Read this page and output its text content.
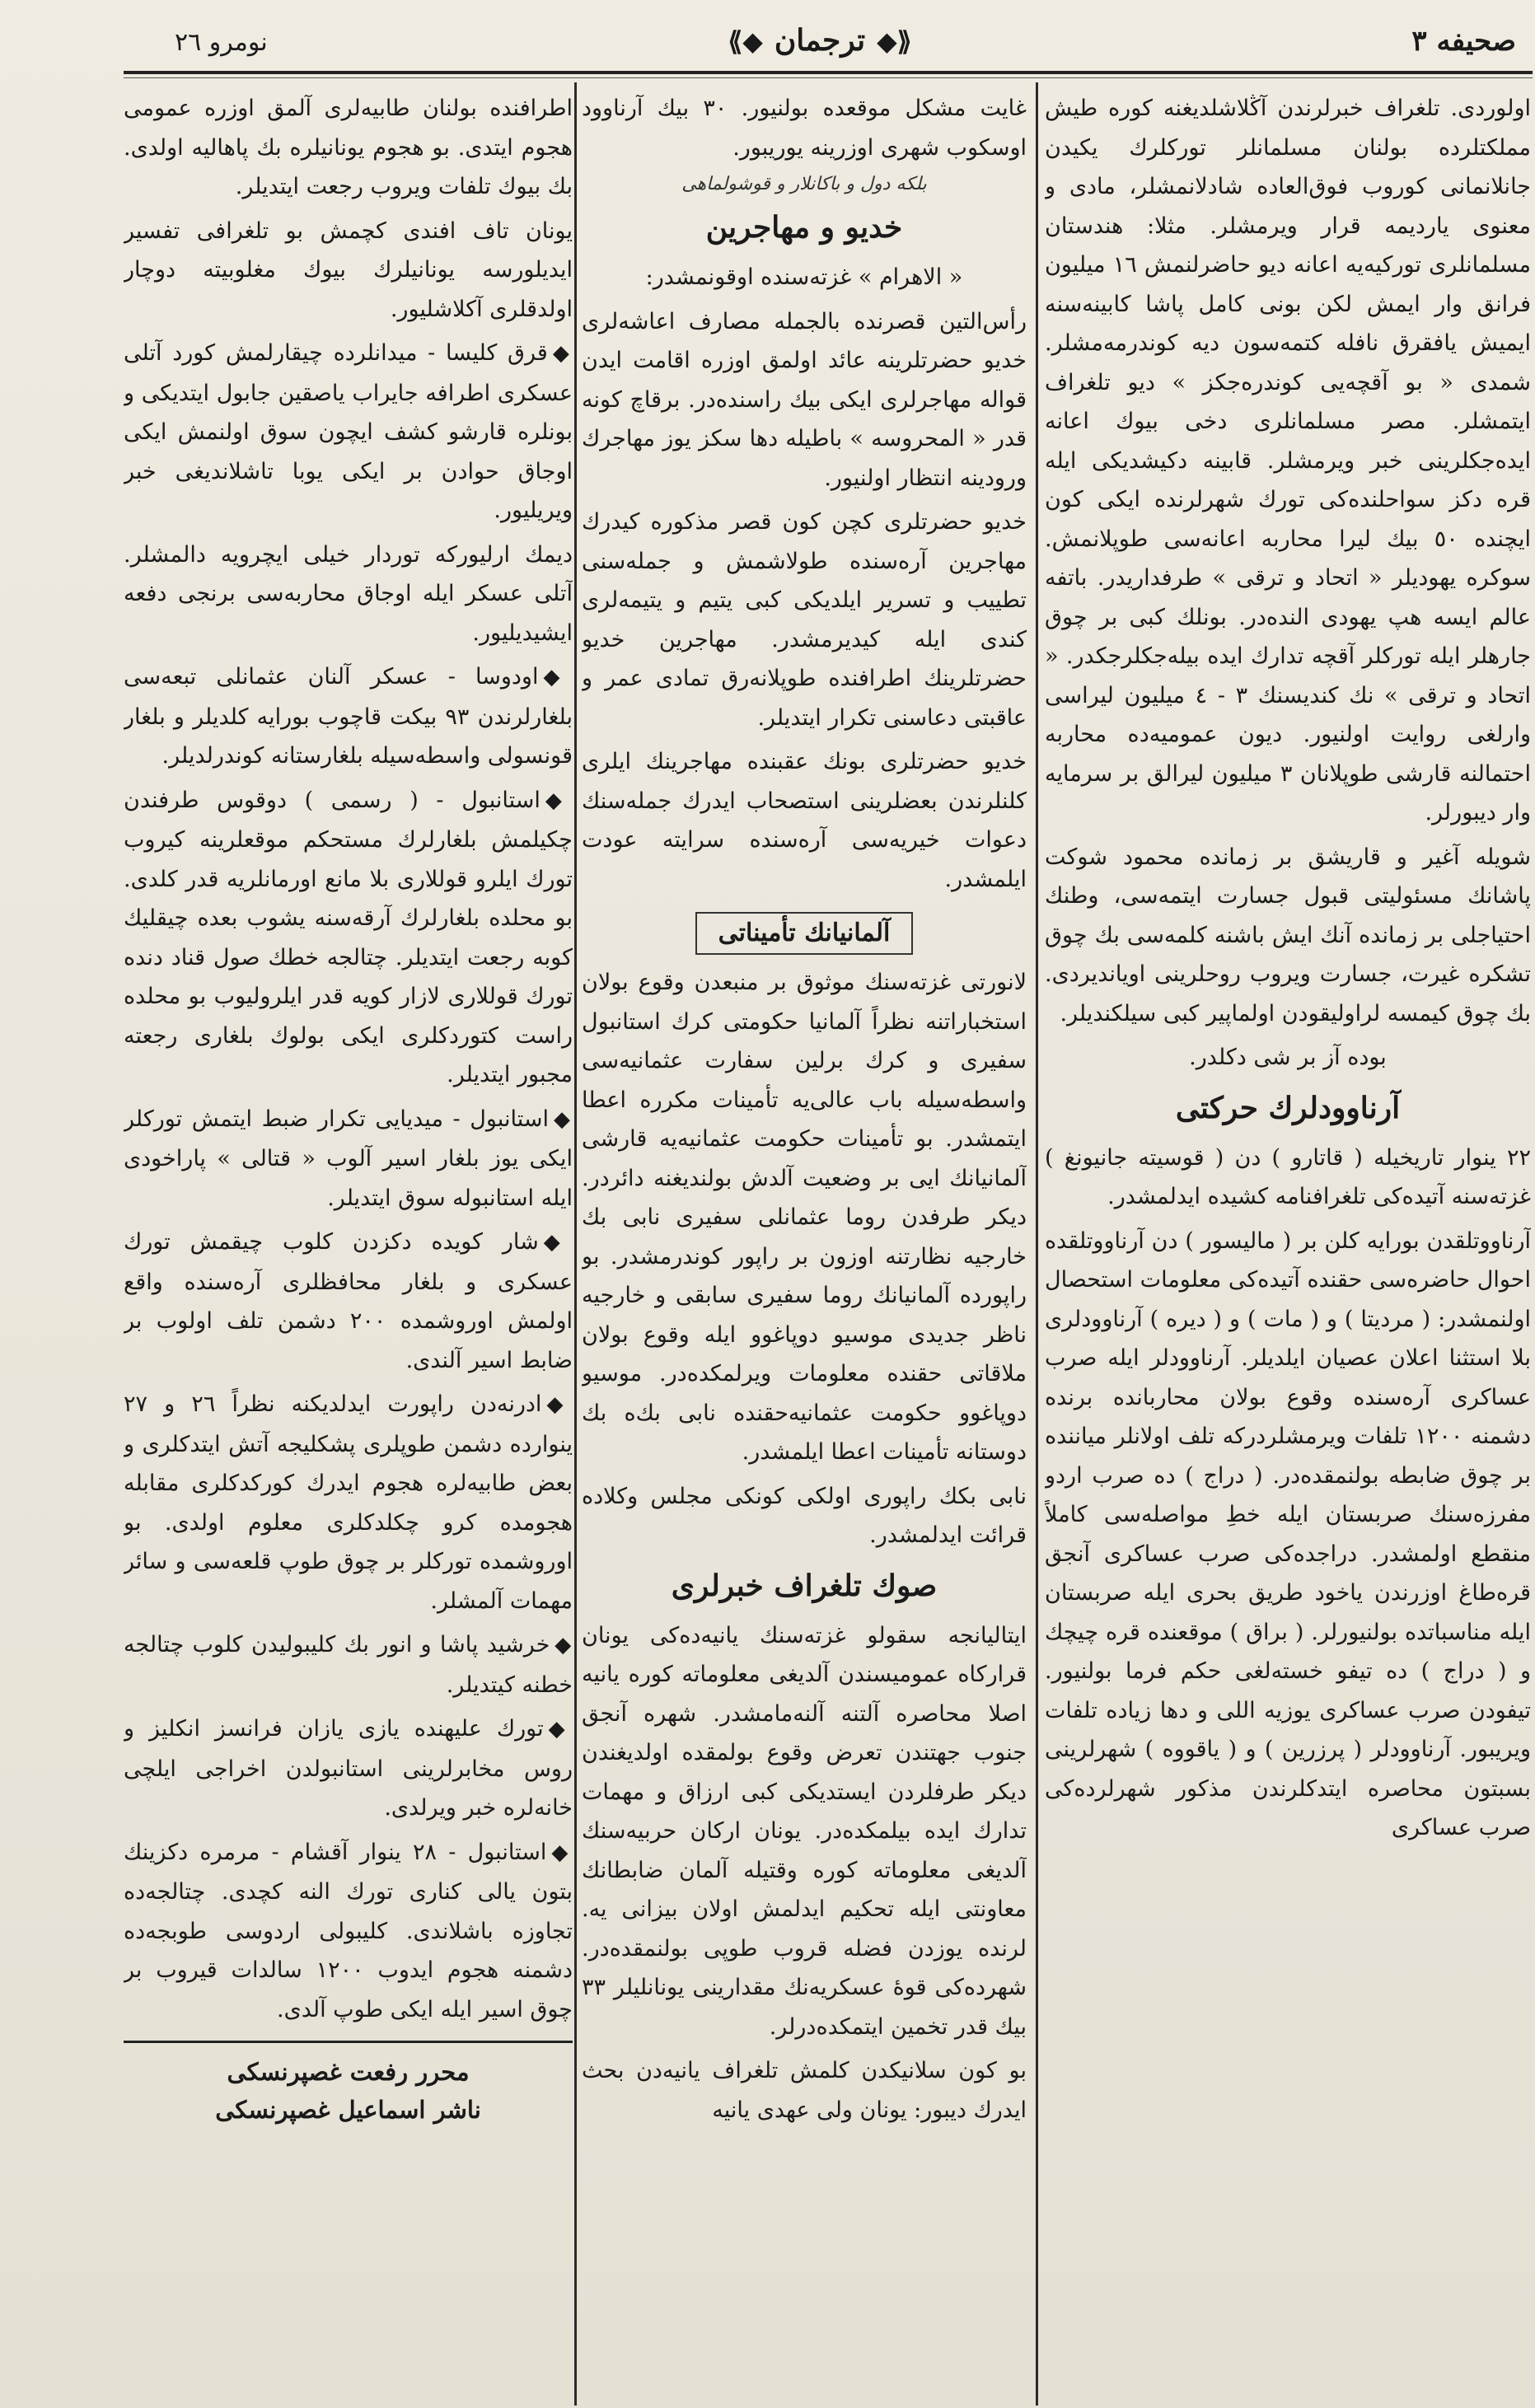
صحيفه ٣
⟪◆ترجمان◆⟫
نومرو ٢٦

اولوردی. تلغراف خبرلرندن آڭلاشلدیغنه کوره طیش مملکتلرده بولنان مسلمانلر تورکلرك یکیدن جانلانمانی کوروب فوق‌العاده شادلانمشلر، مادی و معنوی یاردیمه قرار ویرمشلر. مثلا: هندستان مسلمانلری تورکیه‌یه اعانه دیو حاضرلنمش ١٦ میلیون فرانق وار ایمش لکن بونی کامل پاشا کابینه‌سنه ایمیش یافقرق نافله کتمه‌سون دیه کوندرمه‌مشلر. شمدی « بو آقچه‌یی کوندره‌جکز » دیو تلغراف ایتمشلر. مصر مسلمانلری دخی بیوك اعانه ایده‌جکلرینی خبر ویرمشلر. قابینه دکیشدیکی ایله قره دکز سواحلنده‌کی تورك شهرلرنده ایکی کون ایچنده ٥٠ بیك لیرا محاربه اعانه‌سی طوپلانمش. سوکره یهودیلر « اتحاد و ترقی » طرفداریدر. باتفه عالم ایسه هپ یهودی النده‌در. بونلك کبی بر چوق جارهلر ایله تورکلر آقچه تدارك ایده بیله‌جکلرجکدر. « اتحاد و ترقی » نك کندیسنك ٣ - ٤ میلیون لیراسی وارلغی روایت اولنیور. دیون عمومیه‌ده محاربه احتمالنه قارشی طوپلانان ٣ میلیون لیرالق بر سرمایه وار دیبورلر.

شویله آغیر و قاریشق بر زمانده محمود شوکت پاشانك مسئولیتی قبول جسارت ایتمه‌سی، وطنك احتیاجلی بر زمانده آنك ایش باشنه کلمه‌سی بك چوق تشکره غیرت، جسارت ویروب روحلرینی اویاندیردی. بك چوق کیمسه لراولیقودن اولماپیر کبی سیلکندیلر.

بوده آز بر شی دکلدر.

آرناوودلرك حرکتی

٢٢ ینوار تاریخیله ( قاتارو ) دن ( قوسیته جانیونغ ) غزته‌سنه آتیده‌کی تلغرافنامه کشیده ایدلمشدر.

آرناووتلقدن بورایه کلن بر ( مالیسور ) دن آرناووتلقده احوال حاضره‌سی حقنده آتیده‌کی معلومات استحصال اولنمشدر: ( مردیتا ) و ( مات ) و ( دیره ) آرناوودلری بلا استثنا اعلان عصیان ایلدیلر. آرناوودلر ایله صرب عساکری آره‌سنده وقوع بولان محاربانده برنده دشمنه ١٢٠٠ تلفات ویرمشلردرکه تلف اولانلر میاننده بر چوق ضابطه بولنمقده‌در. ( دراج ) ده صرب اردو مفرزه‌سنك صربستان ایله خطِ مواصله‌سی کاملاً منقطع اولمشدر. دراجده‌کی صرب عساکری آنجق قره‌طاغ اوزرندن یاخود طریق بحری ایله صربستان ایله مناسباتده بولنیورلر. ( براق ) موقعنده قره چیچك و ( دراج ) ده تیفو خسته‌لغی حکم فرما بولنیور. تیفودن صرب عساکری یوزیه اللی و دها زیاده تلفات ویریبور. آرناوودلر ( پرزرین ) و ( یاقووه ) شهرلرینی بسبتون محاصره ایتدکلرندن مذکور شهرلرده‌کی صرب عساکری

غایت مشکل موقعده بولنیور. ٣٠ بیك آرناوود اوسکوب شهری اوزرینه یوریبور.

بلکه دول و باکانلار و قوشولماهی
خدیو و مهاجرین

« الاهرام » غزته‌سنده اوقونمشدر:

رأس‌التین قصرنده بالجمله مصارف اعاشه‌لری خدیو حضرتلرینه عائد اولمق اوزره اقامت ایدن قواله مهاجرلری ایکی بیك راسنده‌در. برقاچ کونه قدر « المحروسه » باطیله دها سکز یوز مهاجرك ورودینه انتظار اولنیور.

خدیو حضرتلری کچن کون قصر مذکوره کیدرك مهاجرین آره‌سنده طولاشمش و جمله‌سنی تطییب و تسریر ایلدیکی کبی یتیم و یتیمه‌لری کندی ایله کیدیرمشدر. مهاجرین خدیو حضرتلرینك اطرافنده طوپلانه‌رق تمادی عمر و عاقبتی دعاسنی تکرار ایتدیلر.

خدیو حضرتلری بونك عقبنده مهاجرینك ایلری کلنلرندن بعضلرینی استصحاب ایدرك جمله‌سنك دعوات خیریه‌سی آره‌سنده سرایته عودت ایلمشدر.

آلمانیانك تأمیناتی

لانورتی غزته‌سنك موثوق بر منبعدن وقوع بولان استخباراتنه نظراً آلمانیا حکومتی کرك استانبول سفیری و کرك برلین سفارت عثمانیه‌سی واسطه‌سیله باب عالی‌یه تأمینات مکرره اعطا ایتمشدر. بو تأمینات حکومت عثمانیه‌یه قارشی آلمانیانك ایی بر وضعیت آلدش بولندیغنه دائردر. دیکر طرفدن روما عثمانلی سفیری نابی بك خارجیه نظارتنه اوزون بر راپور کوندرمشدر. بو راپورده آلمانیانك روما سفیری سابقی و خارجیه ناظر جدیدی موسیو دوپاغوو ایله وقوع بولان ملاقاتی حقنده معلومات ویرلمکده‌در. موسیو دوپاغوو حکومت عثمانیه‌حقنده نابی بك‌ه بك دوستانه تأمینات اعطا ایلمشدر.

نابی بکك راپوری اولکی کونکی مجلس وکلاده قرائت ایدلمشدر.

صوك تلغراف خبرلری

ایتالیانجه سقولو غزته‌سنك یانیه‌ده‌کی یونان قرارکاه عمومیسندن آلدیغی معلوماته کوره یانیه اصلا محاصره آلتنه آلنه‌مامشدر. شهره آنجق جنوب جهتندن تعرض وقوع بولمقده اولدیغندن دیکر طرفلردن ایستدیکی کبی ارزاق و مهمات تدارك ایده بیلمکده‌در. یونان ارکان حربیه‌سنك آلدیغی معلوماته کوره وقتیله آلمان ضابطانك معاونتی ایله تحکیم ایدلمش اولان بیزانی یه. لرنده یوزدن فضله قروب طوپی بولنمقده‌در. شهرده‌کی قوهٔ عسکریه‌نك مقدارینی یونانلیلر ٣٣ بیك قدر تخمین ایتمکده‌درلر.

بو کون سلانیکدن کلمش تلغراف یانیه‌دن بحث ایدرك دیبور: یونان ولی عهدی یانیه

اطرافنده بولنان طابیه‌لری آلمق اوزره عمومی هجوم ایتدی. بو هجوم یونانیلره بك پاهالیه اولدی. بك بیوك تلفات ویروب رجعت ایتدیلر.

یونان تاف افندی کچمش بو تلغرافی تفسیر ایدیلورسه یونانیلرك بیوك مغلوبیته دوچار اولدقلری آکلاشلیور.

◆قرق کلیسا - میدانلرده چیقارلمش کورد آتلی عسکری اطرافه جایراب یاصقین جابول ایتدیکی و بونلره قارشو کشف ایچون سوق اولنمش ایکی اوجاق حوادن بر ایکی یوبا تاشلاندیغی خبر ویریلیور.

دیمك ارلیورکه توردار خیلی ایچرویه دالمشلر. آتلی عسکر ایله اوجاق محاربه‌سی برنجی دفعه ایشیدیلیور.

◆اودوسا - عسکر آلنان عثمانلی تبعه‌سی بلغارلرندن ٩٣ بیکت قاچوب بورایه کلدیلر و بلغار قونسولی واسطه‌سیله بلغارستانه کوندرلدیلر.

◆استانبول - ( رسمی ) دوقوس طرفندن چکیلمش بلغارلرك مستحکم موقعلرینه کیروب تورك ایلرو قوللاری بلا مانع اورمانلریه قدر کلدی. بو محلده بلغارلرك آرقه‌سنه یشوب بعده چیقلیك کوبه رجعت ایتدیلر. چتالجه خطك صول قناد دنده تورك قوللاری لازار کویه قدر ایلرولیوب بو محلده راست کتوردکلری ایکی بولوك بلغاری رجعته مجبور ایتدیلر.

◆استانبول - میدیا‌یی تکرار ضبط ایتمش تورکلر ایکی یوز بلغار اسیر آلوب « قتالی » پاراخودی ایله استانبوله سوق ایتدیلر.

◆شار کویده دکزدن کلوب چیقمش تورك عسکری و بلغار محافظلری آره‌سنده واقع اولمش اوروشمده ٢٠٠ دشمن تلف اولوب بر ضابط اسیر آلندی.

◆ادرنه‌دن راپورت ایدلدیکنه نظراً ٢٦ و ٢٧ ینوارده دشمن طوپلری پشکلیجه آتش ایتدکلری و بعض طابیه‌لره هجوم ایدرك کورکدکلری مقابله هجومده کرو چکلدکلری معلوم اولدی. بو اوروشمده تورکلر بر چوق طوپ قلعه‌سی و سائر مهمات آلمشلر.

◆خرشید پاشا و انور بك کلیبولیدن کلوب چتالجه خطنه کیتدیلر.

◆تورك علیهنده یازی یازان فرانسز انکلیز و روس مخابرلرینی استانبولدن اخراجی ایلچی خانه‌لره خبر ویرلدی.

◆استانبول - ٢٨ ینوار آقشام - مرمره دکزینك بتون یالی کناری تورك النه کچدی. چتالجه‌ده تجاوزه باشلاندی. کلیبولی اردوسی طوبجه‌ده دشمنه هجوم ایدوب ١٢٠٠ سالدات قیروب بر چوق اسیر ایله ایکی طوپ آلدی.

محرر رفعت غصپرنسکی
ناشر اسماعیل غصپرنسکی
